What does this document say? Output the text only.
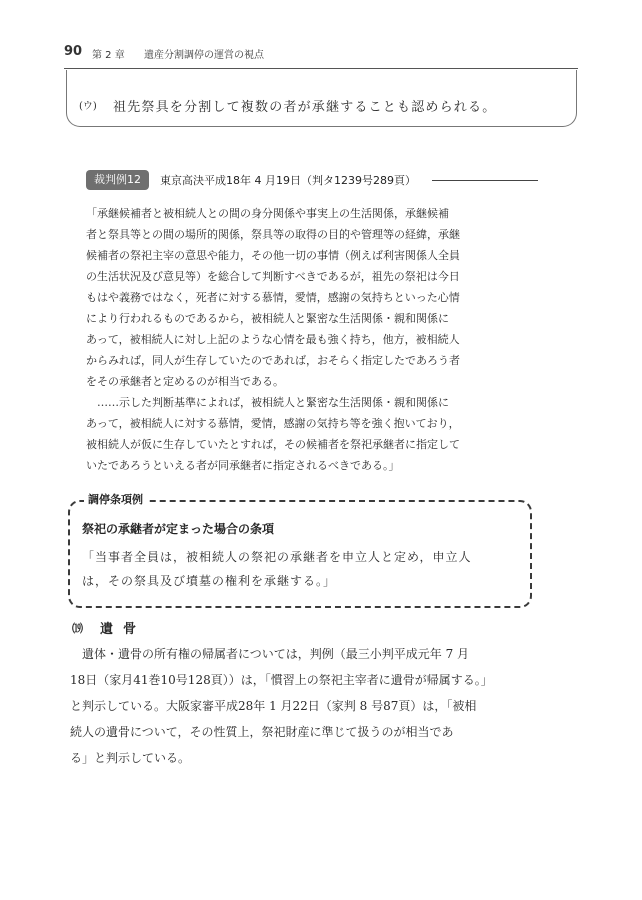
90 第 2 章 遺産分割調停の運営の視点
(ウ) 祖先祭具を分割して複数の者が承継することも認められる。
裁判例12	東京高決平成18年 4 月19日（判タ1239号289頁）
「承継候補者と被相続人との間の身分関係や事実上の生活関係，承継候補
者と祭具等との間の場所的関係，祭具等の取得の目的や管理等の経緯，承継
候補者の祭祀主宰の意思や能力，その他一切の事情（例えば利害関係人全員
の生活状況及び意見等）を総合して判断すべきであるが，祖先の祭祀は今日
もはや義務ではなく，死者に対する慕情，愛情，感謝の気持ちといった心情
により行われるものであるから，被相続人と緊密な生活関係・親和関係に
あって，被相続人に対し上記のような心情を最も強く持ち，他方，被相続人
からみれば，同人が生存していたのであれば，おそらく指定したであろう者
をその承継者と定めるのが相当である。
　……示した判断基準によれば，被相続人と緊密な生活関係・親和関係に
あって，被相続人に対する慕情，愛情，感謝の気持ち等を強く抱いており，
被相続人が仮に生存していたとすれば，その候補者を祭祀承継者に指定して
いたであろうといえる者が同承継者に指定されるべきである。」
調停条項例
祭祀の承継者が定まった場合の条項
「当事者全員は，被相続人の祭祀の承継者を申立人と定め，申立人
は，その祭具及び墳墓の権利を承継する。」
⒆ 遺骨
　遺体・遺骨の所有権の帰属者については，判例（最三小判平成元年 7 月
18日（家月41巻10号128頁））は，「慣習上の祭祀主宰者に遺骨が帰属する。」
と判示している。大阪家審平成28年 1 月22日（家判 8 号87頁）は，「被相
続人の遺骨について，その性質上，祭祀財産に準じて扱うのが相当であ
る」と判示している。
